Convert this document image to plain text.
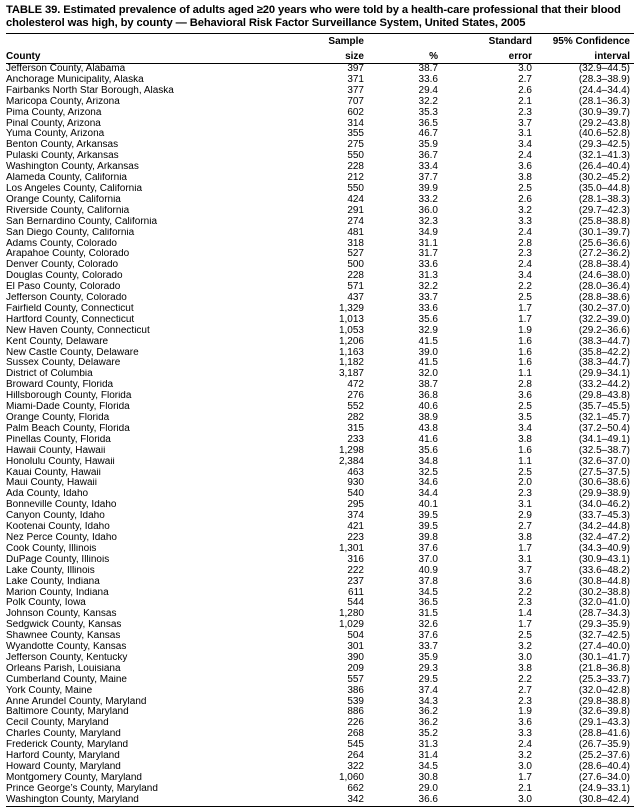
TABLE 39. Estimated prevalence of adults aged ≥20 years who were told by a health-care professional that their blood cholesterol was high, by county — Behavioral Risk Factor Surveillance System, United States, 2005

	Sample		Standard	95% Confidence
County	size	%	error	interval
Jefferson County, Alabama	397	38.7	3.0	(32.9–44.5)
Anchorage Municipality, Alaska	371	33.6	2.7	(28.3–38.9)
Fairbanks North Star Borough, Alaska	377	29.4	2.6	(24.4–34.4)
Maricopa County, Arizona	707	32.2	2.1	(28.1–36.3)
Pima County, Arizona	602	35.3	2.3	(30.9–39.7)
Pinal County, Arizona	314	36.5	3.7	(29.2–43.8)
Yuma County, Arizona	355	46.7	3.1	(40.6–52.8)
Benton County, Arkansas	275	35.9	3.4	(29.3–42.5)
Pulaski County, Arkansas	550	36.7	2.4	(32.1–41.3)
Washington County, Arkansas	228	33.4	3.6	(26.4–40.4)
Alameda County, California	212	37.7	3.8	(30.2–45.2)
Los Angeles County, California	550	39.9	2.5	(35.0–44.8)
Orange County, California	424	33.2	2.6	(28.1–38.3)
Riverside County, California	291	36.0	3.2	(29.7–42.3)
San Bernardino County, California	274	32.3	3.3	(25.8–38.8)
San Diego County, California	481	34.9	2.4	(30.1–39.7)
Adams County, Colorado	318	31.1	2.8	(25.6–36.6)
Arapahoe County, Colorado	527	31.7	2.3	(27.2–36.2)
Denver County, Colorado	500	33.6	2.4	(28.8–38.4)
Douglas County, Colorado	228	31.3	3.4	(24.6–38.0)
El Paso County, Colorado	571	32.2	2.2	(28.0–36.4)
Jefferson County, Colorado	437	33.7	2.5	(28.8–38.6)
Fairfield County, Connecticut	1,329	33.6	1.7	(30.2–37.0)
Hartford County, Connecticut	1,013	35.6	1.7	(32.2–39.0)
New Haven County, Connecticut	1,053	32.9	1.9	(29.2–36.6)
Kent County, Delaware	1,206	41.5	1.6	(38.3–44.7)
New Castle County, Delaware	1,163	39.0	1.6	(35.8–42.2)
Sussex County, Delaware	1,182	41.5	1.6	(38.3–44.7)
District of Columbia	3,187	32.0	1.1	(29.9–34.1)
Broward County, Florida	472	38.7	2.8	(33.2–44.2)
Hillsborough County, Florida	276	36.8	3.6	(29.8–43.8)
Miami-Dade County, Florida	552	40.6	2.5	(35.7–45.5)
Orange County, Florida	282	38.9	3.5	(32.1–45.7)
Palm Beach County, Florida	315	43.8	3.4	(37.2–50.4)
Pinellas County, Florida	233	41.6	3.8	(34.1–49.1)
Hawaii County, Hawaii	1,298	35.6	1.6	(32.5–38.7)
Honolulu County, Hawaii	2,384	34.8	1.1	(32.6–37.0)
Kauai County, Hawaii	463	32.5	2.5	(27.5–37.5)
Maui County, Hawaii	930	34.6	2.0	(30.6–38.6)
Ada County, Idaho	540	34.4	2.3	(29.9–38.9)
Bonneville County, Idaho	295	40.1	3.1	(34.0–46.2)
Canyon County, Idaho	374	39.5	2.9	(33.7–45.3)
Kootenai County, Idaho	421	39.5	2.7	(34.2–44.8)
Nez Perce County, Idaho	223	39.8	3.8	(32.4–47.2)
Cook County, Illinois	1,301	37.6	1.7	(34.3–40.9)
DuPage County, Illinois	316	37.0	3.1	(30.9–43.1)
Lake County, Illinois	222	40.9	3.7	(33.6–48.2)
Lake County, Indiana	237	37.8	3.6	(30.8–44.8)
Marion County, Indiana	611	34.5	2.2	(30.2–38.8)
Polk County, Iowa	544	36.5	2.3	(32.0–41.0)
Johnson County, Kansas	1,280	31.5	1.4	(28.7–34.3)
Sedgwick County, Kansas	1,029	32.6	1.7	(29.3–35.9)
Shawnee County, Kansas	504	37.6	2.5	(32.7–42.5)
Wyandotte County, Kansas	301	33.7	3.2	(27.4–40.0)
Jefferson County, Kentucky	390	35.9	3.0	(30.1–41.7)
Orleans Parish, Louisiana	209	29.3	3.8	(21.8–36.8)
Cumberland County, Maine	557	29.5	2.2	(25.3–33.7)
York County, Maine	386	37.4	2.7	(32.0–42.8)
Anne Arundel County, Maryland	539	34.3	2.3	(29.8–38.8)
Baltimore County, Maryland	886	36.2	1.9	(32.6–39.8)
Cecil County, Maryland	226	36.2	3.6	(29.1–43.3)
Charles County, Maryland	268	35.2	3.3	(28.8–41.6)
Frederick County, Maryland	545	31.3	2.4	(26.7–35.9)
Harford County, Maryland	264	31.4	3.2	(25.2–37.6)
Howard County, Maryland	322	34.5	3.0	(28.6–40.4)
Montgomery County, Maryland	1,060	30.8	1.7	(27.6–34.0)
Prince George’s County, Maryland	662	29.0	2.1	(24.9–33.1)
Washington County, Maryland	342	36.6	3.0	(30.8–42.4)
